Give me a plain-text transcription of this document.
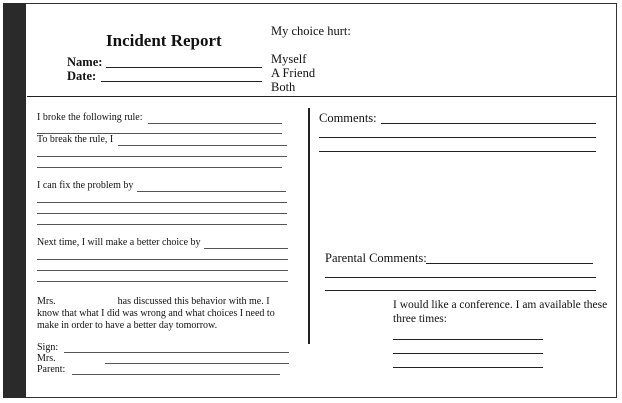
Incident Report
Name:
Date:
My choice hurt:
Myself
A Friend
Both
I broke the following rule:
To break the rule, I
I can fix the problem by
Next time, I will make a better choice by
Mrs.	has discussed this behavior with me. I know that what I did was wrong and what choices I need to make in order to have a better day tomorrow.
Sign:
Mrs.
Parent:
Comments:
Parental Comments:
I would like a conference. I am available these three times:
